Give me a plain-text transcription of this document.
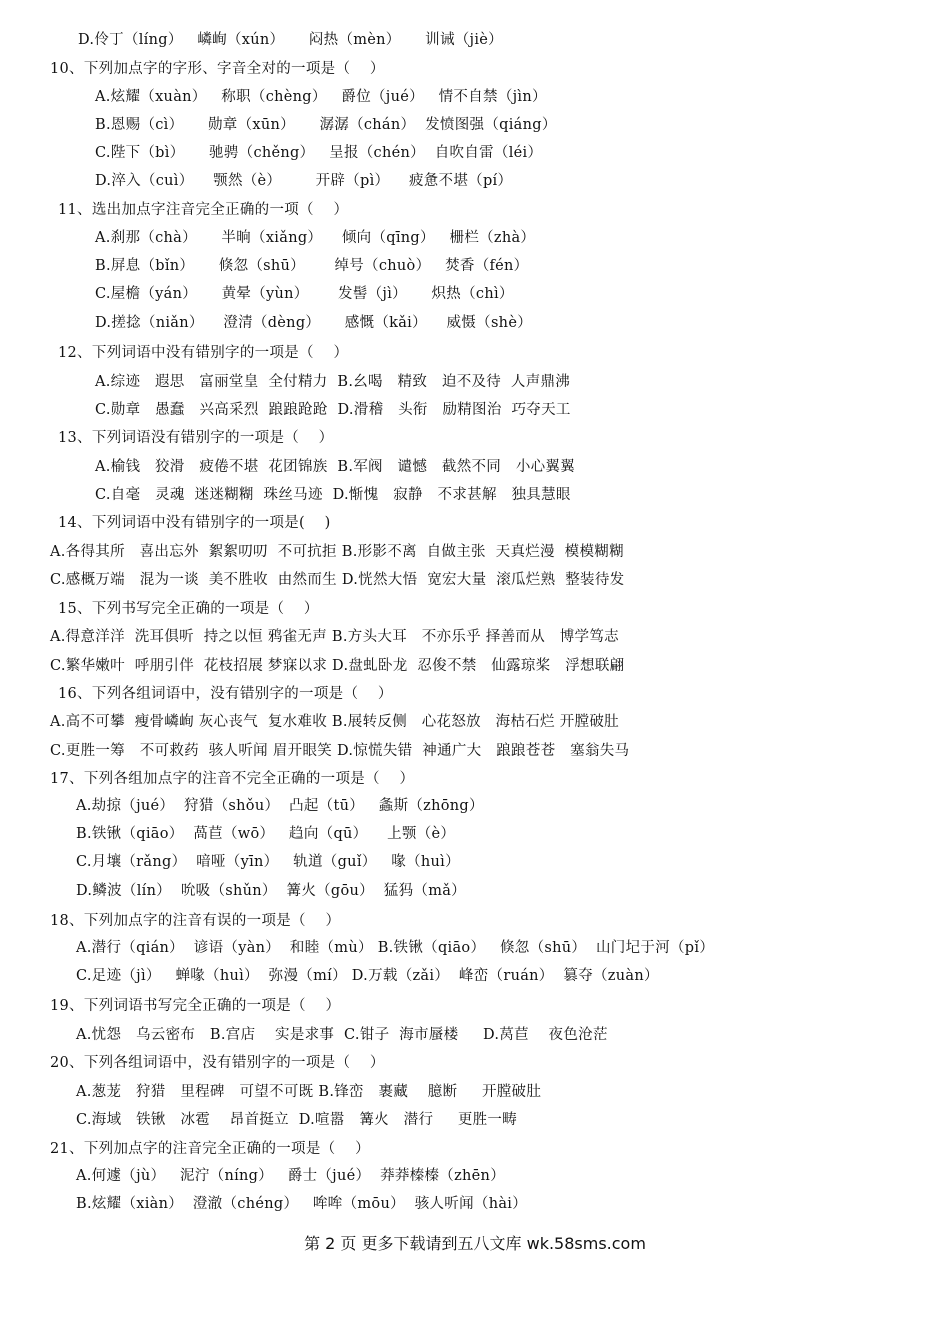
D.伶丁（líng）   嶙峋（xún）     闷热（mèn）     训诫（jiè）
10、下列加点字的字形、字音全对的一项是（    ）
A.炫耀（xuàn）   称职（chèng）   爵位（jué）   情不自禁（jìn）
B.恩赐（cì）     勋章（xūn）     潺潺（chán）  发愤图强（qiáng）
C.陛下（bì）     驰骋（chěng）   呈报（chén）  自吹自雷（léi）
D.淬入（cuì）    颚然（è）       开辟（pì）    疲惫不堪（pí）
11、选出加点字注音完全正确的一项（    ）
A.刹那（chà）     半晌（xiǎng）    倾向（qīng）   栅栏（zhà）
B.屏息（bǐn）     倏忽（shū）      绰号（chuò）   焚香（fén）
C.屋檐（yán）     黄晕（yùn）      发髻（jì）     炽热（chì）
D.搓捻（niǎn）    澄清（dèng）     感慨（kǎi）    威慑（shè）
12、下列词语中没有错别字的一项是（    ）
A.综迹   遐思   富丽堂皇  全付精力  B.幺喝   精致   迫不及待  人声鼎沸
C.勋章   愚蠢   兴高采烈  踉踉跄跄  D.滑稽   头衔   励精图治  巧夺天工
13、下列词语没有错别字的一项是（    ）
A.榆钱   狡滑   疲倦不堪  花团锦族  B.军阀   谴憾   截然不同   小心翼翼
C.自毫   灵魂  迷迷糊糊  珠丝马迹  D.惭愧   寂静   不求甚解   独具慧眼
14、下列词语中没有错别字的一项是(    )
A.各得其所   喜出忘外  絮絮叨叨  不可抗拒 B.形影不离  自做主张  天真烂漫  模模糊糊
C.感概万端   混为一谈  美不胜收  由然而生 D.恍然大悟  宽宏大量  滚瓜烂熟  整装待发
15、下列书写完全正确的一项是（    ）
A.得意洋洋  洗耳倶听  持之以恒 鸦雀无声 B.方头大耳   不亦乐乎 择善而从   博学笃志
C.繁华嫩叶  呼朋引伴  花枝招展 梦寐以求 D.盘虬卧龙  忍俊不禁   仙露琼桨   浮想联翩
16、下列各组词语中，没有错别字的一项是（    ）
A.高不可攀  瘦骨嶙峋 灰心丧气  复水难收 B.展转反侧   心花怒放   海枯石烂 开膛破肚
C.更胜一筹   不可救药  骇人听闻 眉开眼笑 D.惊慌失错  神通广大   踉踉苍苍   塞翁失马
17、下列各组加点字的注音不完全正确的一项是（    ）
A.劫掠（jué）  狩猎（shǒu）  凸起（tū）   螽斯（zhōng）
B.铁锹（qiāo）  萵苣（wō）   趋向（qū）    上颚（è）
C.月壤（rǎng）  喑哑（yīn）   轨道（guǐ）   喙（huì）
D.鳞波（lín）  吮吸（shǔn）  篝火（gōu）  猛犸（mǎ）
18、下列加点字的注音有误的一项是（    ）
A.潜行（qián）  谚语（yàn）  和睦（mù） B.铁锹（qiāo）   倏忽（shū）  山门圮于河（pǐ）
C.足迹（jì）   蝉喙（huì）  弥漫（mí） D.万载（zǎi）  峰峦（ruán）  篡夺（zuàn）
19、下列词语书写完全正确的一项是（    ）
A.忧怨   乌云密布   B.宫店    实是求事  C.钳子  海市蜃楼     D.莴苣    夜色沧茫
20、下列各组词语中，没有错别字的一项是（    ）
A.葱茏   狩猎   里程碑   可望不可既 B.锋峦   裹藏    臆断     开膛破肚
C.海域   铁锹   冰雹    昂首挺立  D.喧嚣   篝火   潜行     更胜一畴
21、下列加点字的注音完全正确的一项是（    ）
A.何遽（jù）   泥泞（níng）   爵士（jué）  莽莽榛榛（zhēn）
B.炫耀（xiàn）  澄澈（chéng）   哞哞（mōu）  骇人听闻（hài）
第 2 页 更多下载请到五八文库 wk.58sms.com
